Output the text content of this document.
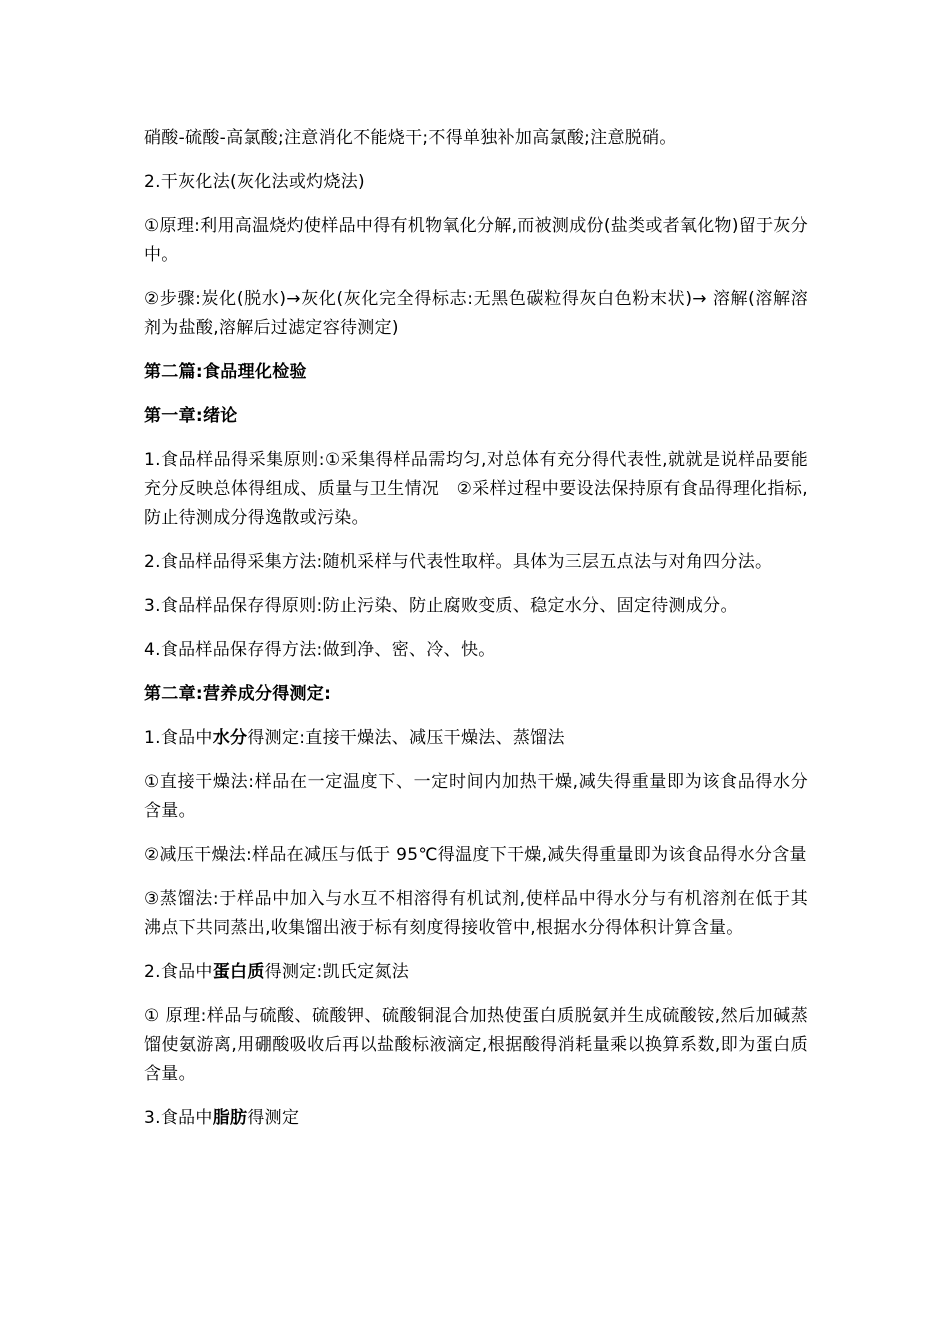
硝酸-硫酸-高氯酸;注意消化不能烧干;不得单独补加高氯酸;注意脱硝。

2.干灰化法(灰化法或灼烧法)

①原理:利用高温烧灼使样品中得有机物氧化分解,而被测成份(盐类或者氧化物)留于灰分中。

②步骤:炭化(脱水)→灰化(灰化完全得标志:无黑色碳粒得灰白色粉末状)→ 溶解(溶解溶剂为盐酸,溶解后过滤定容待测定)

第二篇:食品理化检验

第一章:绪论

1.食品样品得采集原则:①采集得样品需均匀,对总体有充分得代表性,就就是说样品要能充分反映总体得组成、质量与卫生情况　②采样过程中要设法保持原有食品得理化指标,防止待测成分得逸散或污染。

2.食品样品得采集方法:随机采样与代表性取样。具体为三层五点法与对角四分法。

3.食品样品保存得原则:防止污染、防止腐败变质、稳定水分、固定待测成分。

4.食品样品保存得方法:做到净、密、冷、快。

第二章:营养成分得测定:

1.食品中水分得测定:直接干燥法、减压干燥法、蒸馏法

①直接干燥法:样品在一定温度下、一定时间内加热干燥,减失得重量即为该食品得水分含量。

②减压干燥法:样品在减压与低于 95℃得温度下干燥,减失得重量即为该食品得水分含量

③蒸馏法:于样品中加入与水互不相溶得有机试剂,使样品中得水分与有机溶剂在低于其沸点下共同蒸出,收集馏出液于标有刻度得接收管中,根据水分得体积计算含量。

2.食品中蛋白质得测定:凯氏定氮法

① 原理:样品与硫酸、硫酸钾、硫酸铜混合加热使蛋白质脱氨并生成硫酸铵,然后加碱蒸馏使氨游离,用硼酸吸收后再以盐酸标液滴定,根据酸得消耗量乘以换算系数,即为蛋白质含量。

3.食品中脂肪得测定
